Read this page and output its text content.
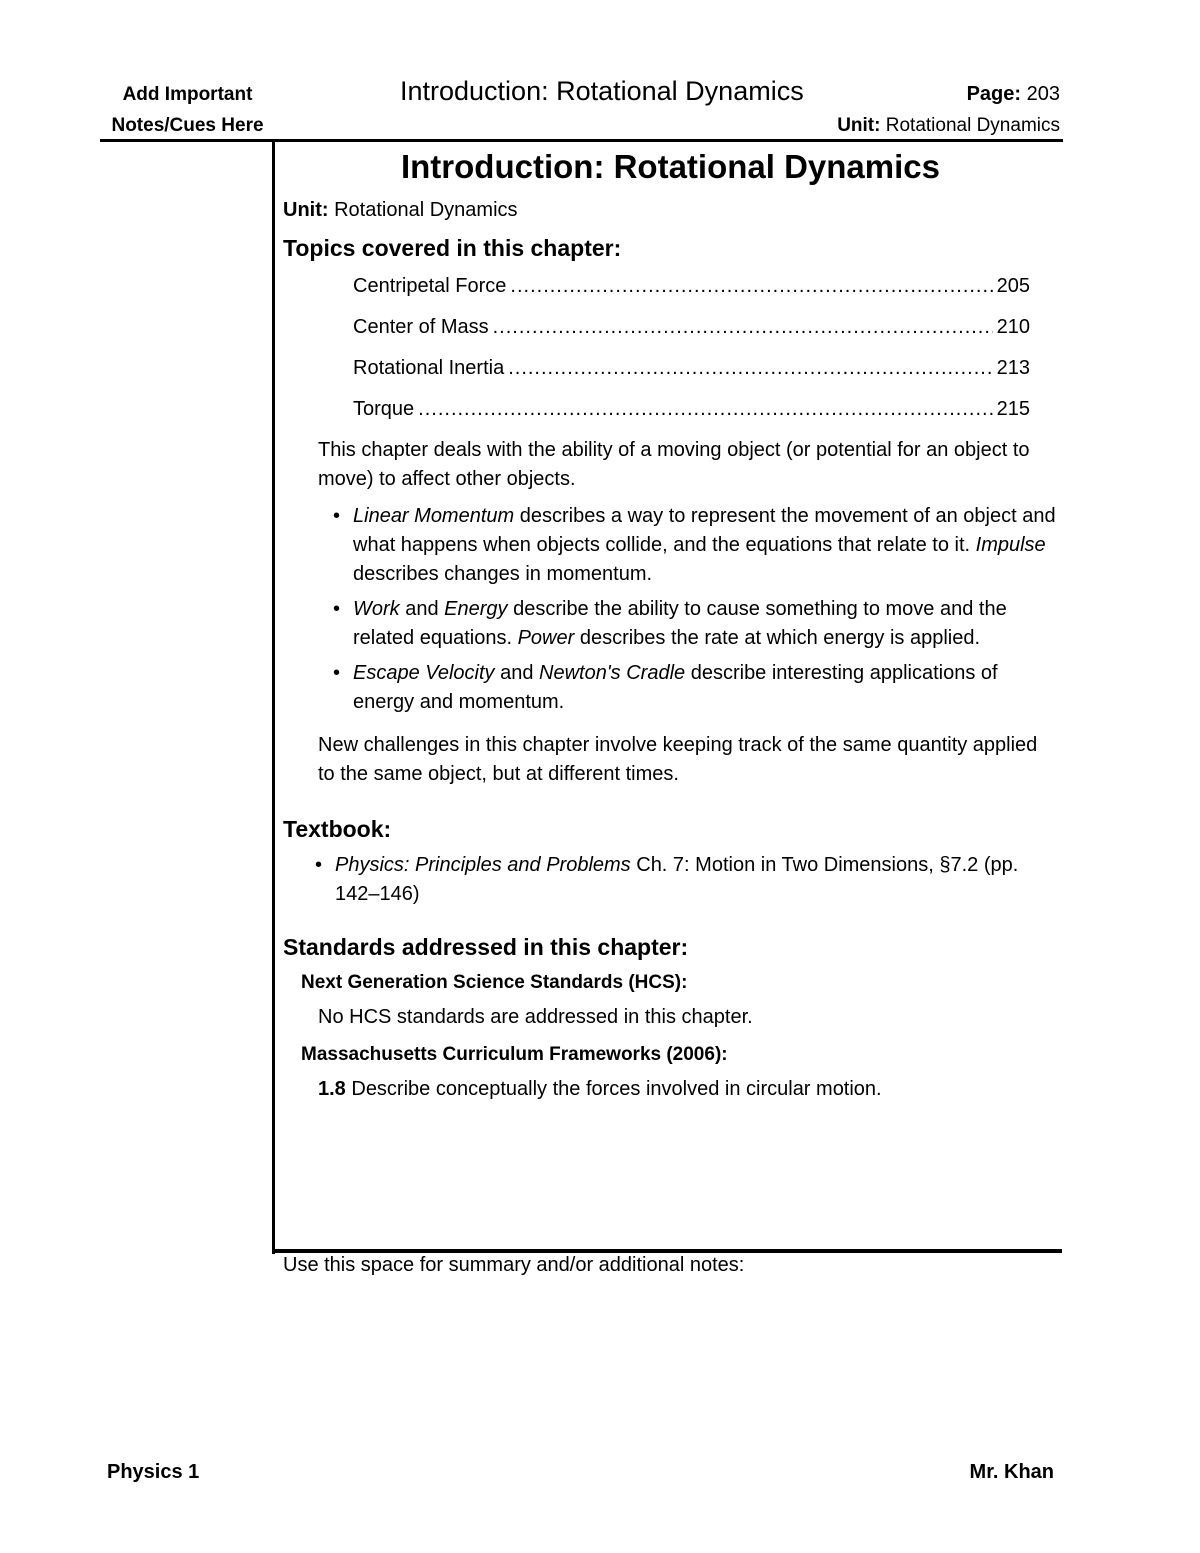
Add Important
Notes/Cues Here
Introduction: Rotational Dynamics	Page: 203
Unit: Rotational Dynamics
Introduction: Rotational Dynamics

Unit: Rotational Dynamics

Topics covered in this chapter:

Centripetal Force .....	205
Center of Mass .....	210
Rotational Inertia .....	213
Torque .....	215

This chapter deals with the ability of a moving object (or potential for an object to move) to affect other objects.

• Linear Momentum describes a way to represent the movement of an object and what happens when objects collide, and the equations that relate to it. Impulse describes changes in momentum.
• Work and Energy describe the ability to cause something to move and the related equations. Power describes the rate at which energy is applied.
• Escape Velocity and Newton's Cradle describe interesting applications of energy and momentum.

New challenges in this chapter involve keeping track of the same quantity applied to the same object, but at different times.

Textbook:

• Physics: Principles and Problems Ch. 7: Motion in Two Dimensions, §7.2 (pp. 142–146)

Standards addressed in this chapter:

Next Generation Science Standards (HCS):

No HCS standards are addressed in this chapter.

Massachusetts Curriculum Frameworks (2006):

1.8 Describe conceptually the forces involved in circular motion.

Use this space for summary and/or additional notes:
Physics 1	Mr. Khan
